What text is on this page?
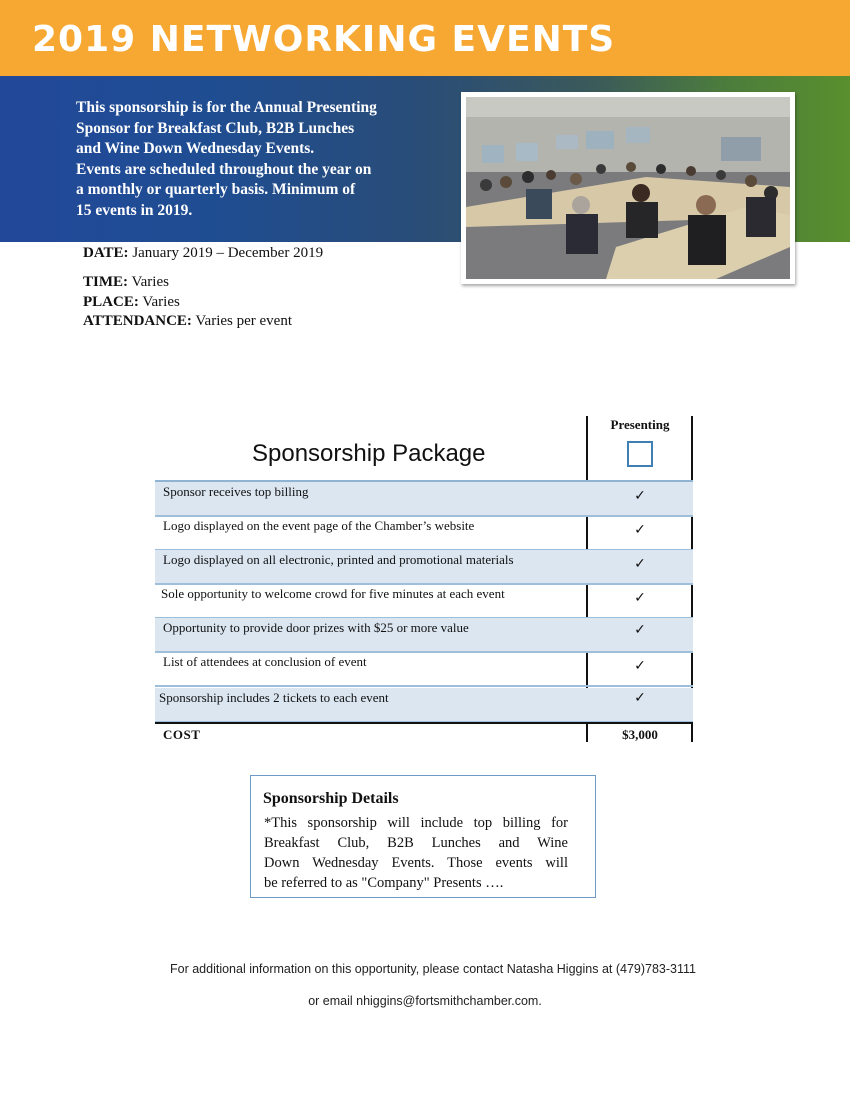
2019 NETWORKING EVENTS
This sponsorship is for the Annual Presenting
Sponsor for Breakfast Club, B2B Lunches
and Wine Down Wednesday Events.
Events are scheduled throughout the year on
a monthly or quarterly basis. Minimum of
15 events in 2019.
DATE: January 2019 – December 2019
TIME: Varies
PLACE: Varies
ATTENDANCE: Varies per event
Sponsorship Package
Presenting
Sponsor receives top billing	✓
Logo displayed on the event page of the Chamber’s website	✓
Logo displayed on all electronic, printed and promotional materials	✓
Sole opportunity to welcome crowd for five minutes at each event	✓
Opportunity to provide door prizes with $25 or more value	✓
List of attendees at conclusion of event	✓
Sponsorship includes 2 tickets to each event	✓
COST	$3,000
Sponsorship Details
*This sponsorship will include top billing for
Breakfast Club, B2B Lunches and Wine
Down Wednesday Events. Those events will
be referred to as "Company" Presents ….
For additional information on this opportunity, please contact Natasha Higgins at (479)783-3111
or email nhiggins@fortsmithchamber.com.
